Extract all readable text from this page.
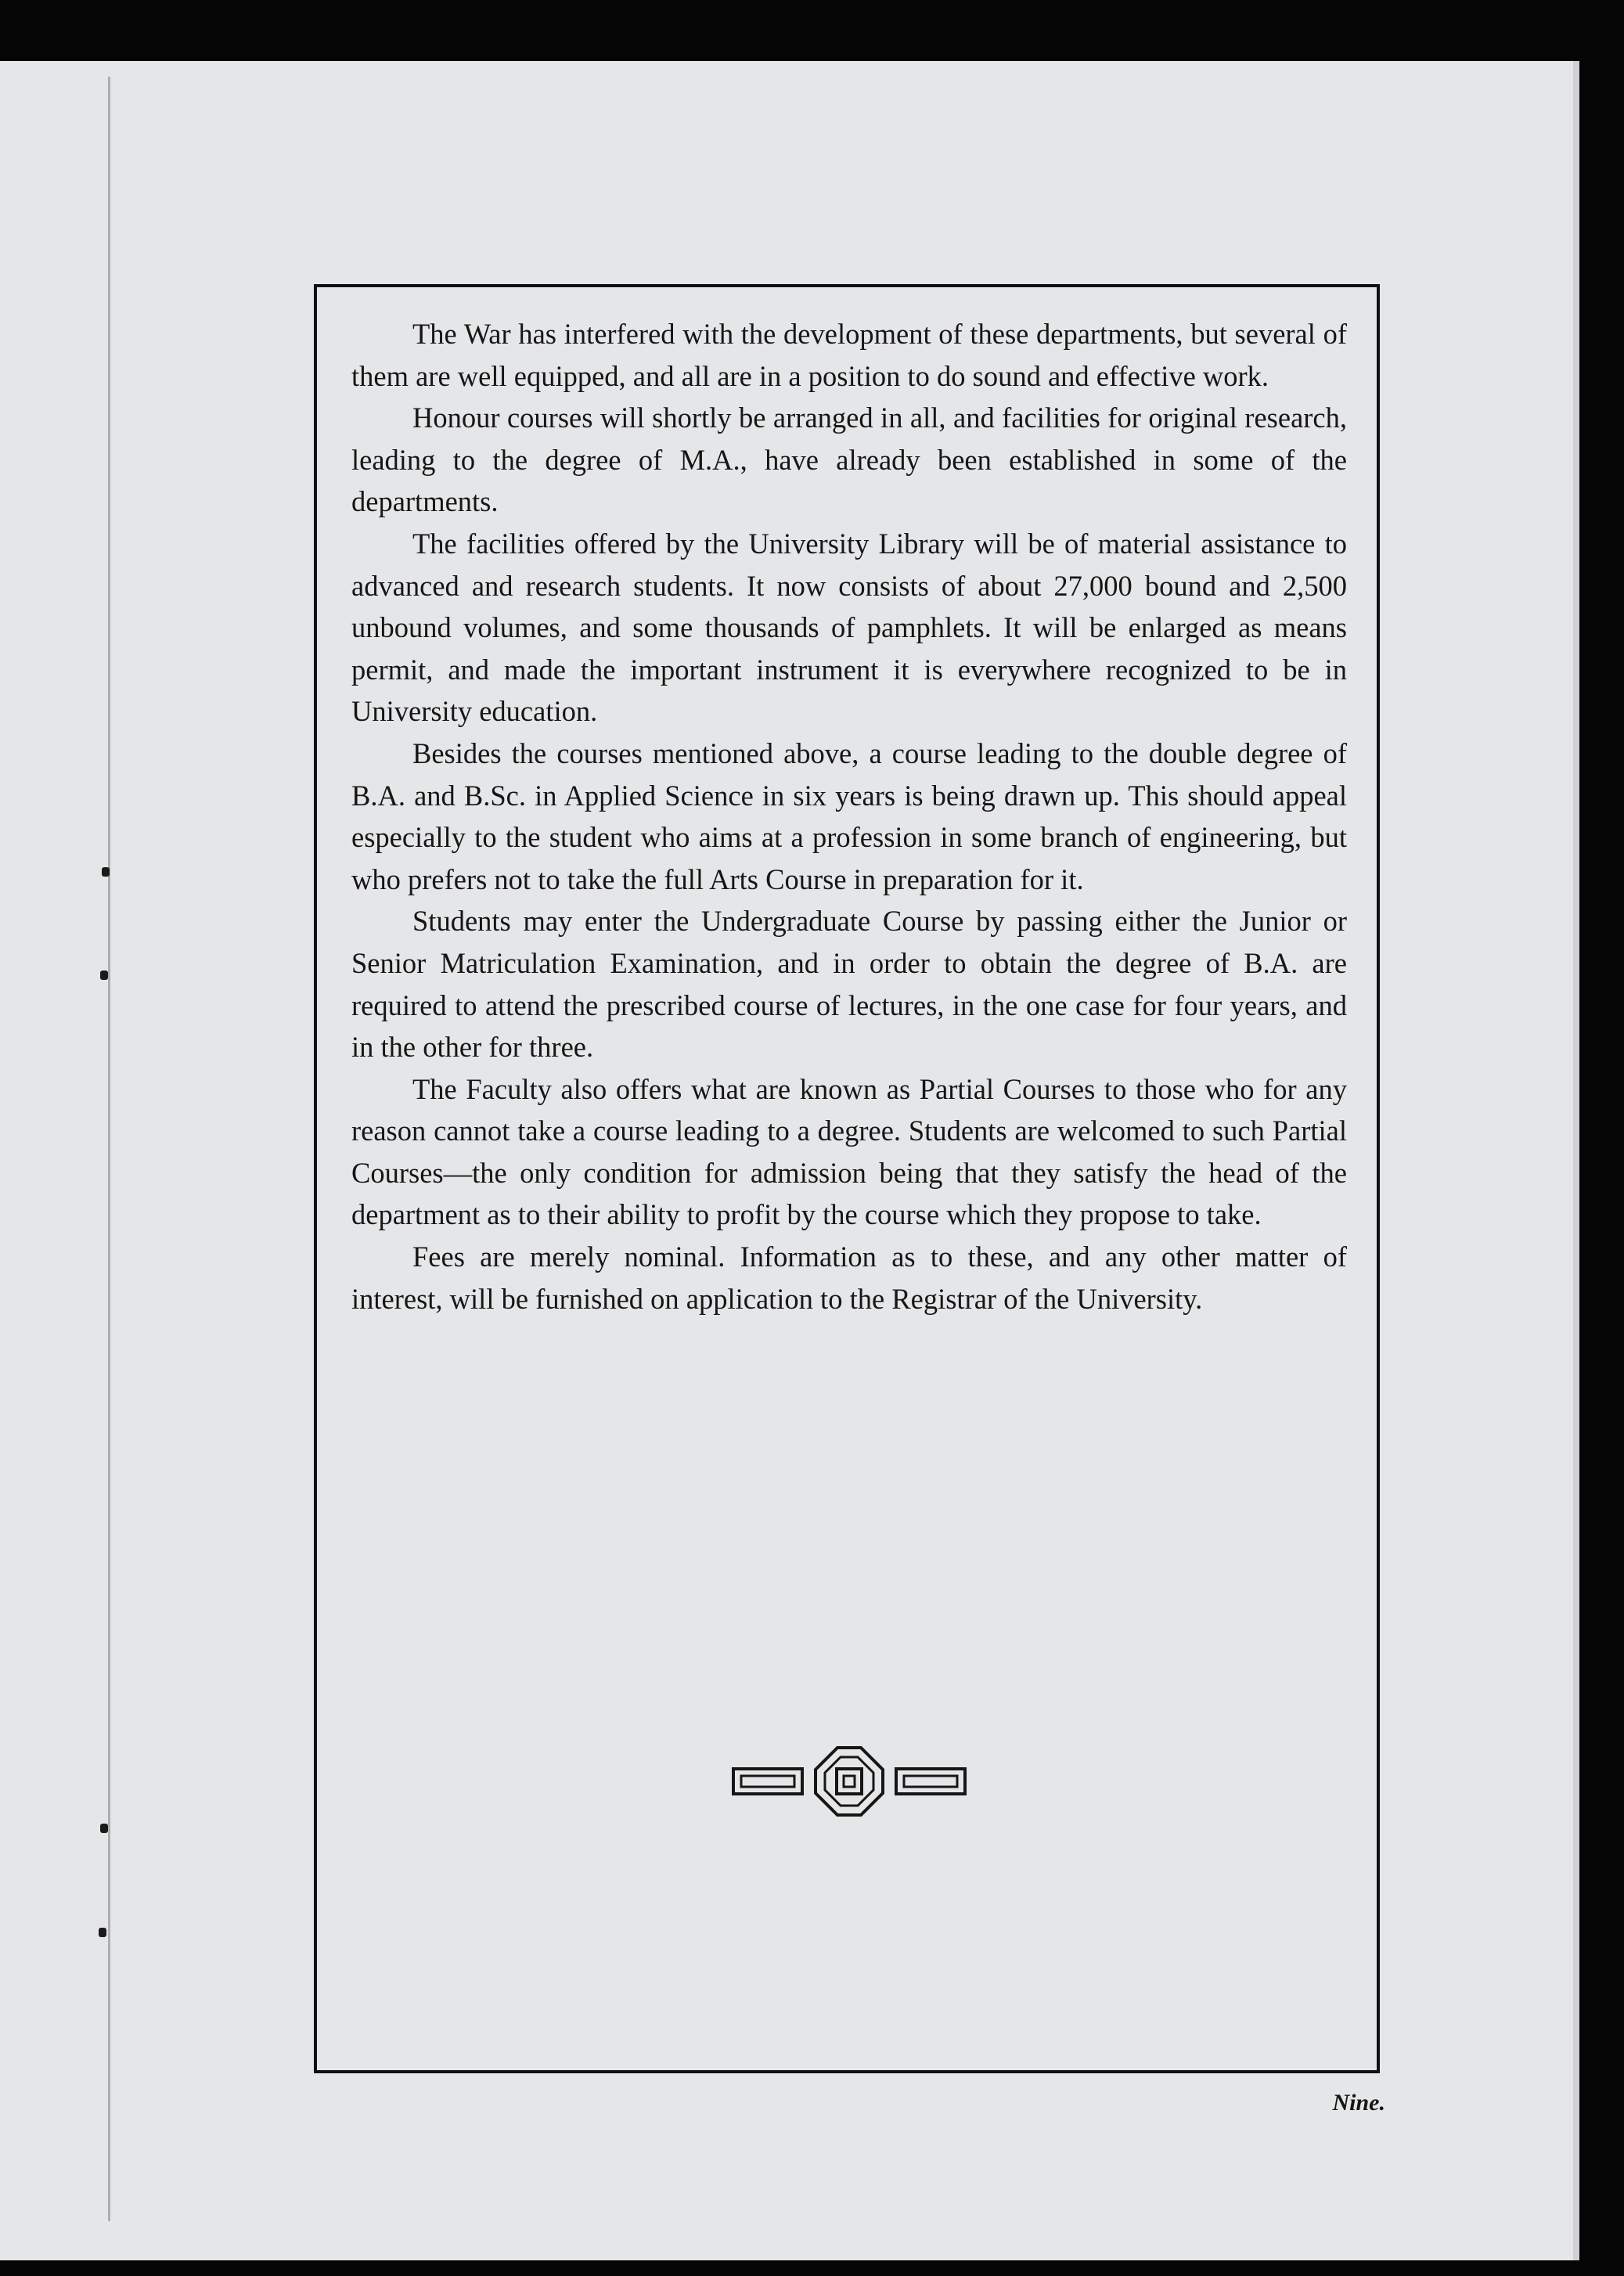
The War has interfered with the development of these departments, but several of them are well equipped, and all are in a position to do sound and effective work.

Honour courses will shortly be arranged in all, and facilities for original research, leading to the degree of M.A., have already been established in some of the departments.

The facilities offered by the University Library will be of material assistance to advanced and research students. It now consists of about 27,000 bound and 2,500 unbound volumes, and some thousands of pamphlets. It will be enlarged as means permit, and made the important instrument it is everywhere recognized to be in University education.

Besides the courses mentioned above, a course leading to the double degree of B.A. and B.Sc. in Applied Science in six years is being drawn up. This should appeal especially to the student who aims at a profession in some branch of engineering, but who prefers not to take the full Arts Course in preparation for it.

Students may enter the Undergraduate Course by passing either the Junior or Senior Matriculation Examination, and in order to obtain the degree of B.A. are required to attend the prescribed course of lectures, in the one case for four years, and in the other for three.

The Faculty also offers what are known as Partial Courses to those who for any reason cannot take a course leading to a degree. Students are welcomed to such Partial Courses—the only condition for admission being that they satisfy the head of the department as to their ability to profit by the course which they propose to take.

Fees are merely nominal. Information as to these, and any other matter of interest, will be furnished on application to the Registrar of the University.

Nine.
